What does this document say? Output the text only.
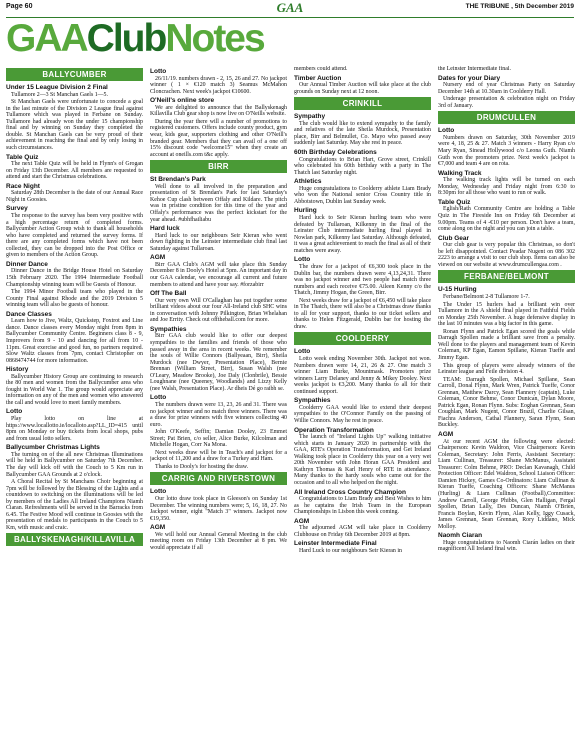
Page 60	GAA	THE TRIBUNE , 5th December 2019
GAAClubNotes
BALLYCUMBER
Under 15 League Division 2 Final

Tullamore 2—3 St Manchan Gaels 1—5.

St Manchan Gaels were unfortunate to concede a goal in the last minute of the Division 2 League final against Tullamore which was played in Ferbane on Sunday. Tullamore had already won the under 15 championship final and by winning on Sunday they completed the double. St Manchan Gaels can be very proud of their achievement in reaching the final and by only losing in such circumstances.

Table Quiz

The next Table Quiz will be held in Flynn's of Grogan on Friday 13th December. All members are requested to attend and start the Christmas celebrations.

Race Night

Saturday 28th December is the date of our Annual Race Night in Goosies.

Survey

The response to the survey has been very positive with a high percentage return of completed forms. Ballycumber Action Group wish to thank all households who have completed and returned the survey forms. If there are any completed forms which have not been collected, they can be dropped into the Post Office or given to members of the Action Group.

Dinner Dance

Dinner Dance in the Bridge House Hotel on Saturday 15th February 2020. The 1994 Intermediate Football Championship winning team will be Guests of Honour.

The 1994 Minor Football team who played in the County Final against Rhode and the 2019 Division 5 winning team will also be guests of honour.

Dance Classes

Learn how to Jive, Waltz, Quickstep, Foxtrot and Line dance. Dance classes every Monday night from 8pm in Ballycumber Community Centre. Beginners class 8 - 9, Improvers from 9 - 10 and dancing for all from 10 - 11pm. Great exercise and good fun, no partners required. Slow Waltz classes from 7pm, contact Christopher on 0868474744 for more information.

History

Ballycumber History Group are continuing to research the 80 men and women from the Ballycumber area who fought in World War 1. The group would appreciate any information on any of the men and women who answered the call and would love to meet family members.

Lotto

Play lotto on line at https://www.locallotto.ie/localloto.asp?LL_ID=415 until 8pm on Monday or buy tickets from local shops, pubs and from usual lotto sellers.

Ballycumber Christmas Lights

The turning on of the all new Christmas Illuminations will be held in Ballycumber on Saturday 7th December. The day will kick off with the Couch to 5 Km run in Ballycumber GAA Grounds at 2 o'clock.

A Choral Recital by St Manchans Choir beginning at 7pm will be followed by the Blessing of the Lights and a countdown to switching on the illuminations will be led by members of the Ladies All Ireland Champions Niamh Ciaran. Refreshments will be served in the Barracks from 6.45. The Festive Mood will continue in Goosies with the presentation of medals to participants in the Couch to 5 Km, with music and craic.

BALLYSKENAGH/KILLAVILLA
Lotto

26/11/19. numbers drawn - 2, 15, 26 and 27. No jackpot winner ( 1 × €120 match 3) Seamus McMahon Cloncrachen. Next week's jackpot €10600.

O'Neill's online store

We are delighted to announce that the Ballyskenagh Killavilla Club gear shop is now live on O'Neills website.

During the year there will a number of promotions to registered customers. Offers include county product, gym wear, kids gear, supporters clothing and other O'Neill's branded gear. Members that they can avail of a one off 15% discount code "welcome15" when they create an account at oneills.com t&c apply.

BIRR
St Brendan's Park

Well done to all involved in the preparation and presentation of St Brendan's Park for last Saturday's Kehoe Cup clash between Offaly and Kildare. The pitch was in pristine condition for this time of the year and Offaly's performance was the perfect kickstart for the year ahead. #ubhfhailiabu

Hard luck

Hard luck to our neighbours Seir Kieran who went down fighting in the Leinster intermediate club final last Saturday against Tullaroan.

AGM

Birr GAA Club's AGM will take place this Sunday December 8 in Dooly's Hotel at 5pm. An important day in our GAA calendar, we encourage all current and future members to attend and have your say. #forzabirr

Off The Ball

Our very own Will O'Callaghan has put together some brilliant videos about our four All-Ireland club SHC wins in conversation with Johnny Pilkington, Brian Whelahan and Joe Errity. Check out offtheball.com for more.

Sympathies

Birr GAA club would like to offer our deepest sympathies to the families and friends of those who passed away in the area in recent weeks. We remember the souls of Willie Connors (Ballyeaan, Birr), Sheila Murdock (nee Dwyer, Presentation Place), Bernie Brennan (William Street, Birr), Susan Walsh (nee O'Leary, Meadow Brooke), Joe Daly (Clonbrile), Bessie Loughnane (nee Queeney, Woodlands) and Lizzy Kelly (nee Walsh, Presentation Place). Ar dheis Dé go raibh se.

Lotto

The numbers drawn were 13, 23, 26 and 31. There was no jackpot winner and no match three winners. There was a draw for prize winners with five winners collecting 40 euro.

John O'Keefe, Seffin; Damian Dooley, 23 Emmet Street; Pat Brien, c/o seller, Alice Burke, Kilcolman and Michelle Hogan, Corr Na Mona.

Next weeks draw will be in Teach's and jackpot for a jackpot of 11,200 and a draw for a Turkey and Ham.

Thanks to Dooly's for hosting the draw.

CARRIG AND RIVERSTOWN
Lotto

Our lotto draw took place in Gleeson's on Sunday 1st December. The winning numbers were; 5, 16, 18, 27. No Jackpot winner, eight "Match 3" winners. Jackpot now €19,350.

AGM

We will hold our Annual General Meeting in the club meeting room on Friday 13th December at 8 pm. We would appreciate if all

members could attend.

Timber Auction

Our Annual Timber Auction will take place at the club grounds on Sunday next at 12 noon.

CRINKILL
Sympathy

The club would like to extend sympathy to the family and relatives of the late Sheila Murdock, Presentation place, Birr and Belmullet, Co. Mayo who passed away suddenly last Saturday. May she rest in peace.

60th Birthday Celebrations

Congratulations to Brian Hart, Grove street, Crinkill who celebrated his 60th birthday with a party in The Thatch last Saturday night.

Athletics

Huge congratulations to Coolderry athlete Liam Brady who won the National senior Cross Country title in Abbotstown, Dublin last Sunday week.

Hurling

Hard luck to Seir Kieran hurling team who were defeated by Tullaroan, Kilkenny in the final of the Leinster Club intermediate hurling final played in Nowlan park, Kilkenny last Saturday. Although defeated, it was a great achievement to reach the final as all of their matches were away.

Lotto

The draw for a jackpot of €6,300 took place in the Dublin bar, the numbers drawn were 4,13,24,31. There was no jackpot winner and two people had match three numbers and each receive €75.00. Aileen Kenny c/o the Thatch, Jimmy Hogan, the Green, Birr.

Next weeks draw for a jackpot of €6,450 will take place in The Thatch, there will also be a Christmas draw thanks to all for your support, thanks to our ticket sellers and thanks to Helen Fitzgerald, Dublin bar for hosting the draw.

COOLDERRY
Lotto

Lotto week ending November 30th. Jackpot not won. Numbers drawn were 14, 21, 26 & 27. One match 3 winner Liam Burke, Mountmask. Promoters prize winners Larry Delaney and Jenny & Mikey Dooley. Next weeks jackpot is €3,200. Many thanks to all for their continued support.

Sympathies

Coolderry GAA would like to extend their deepest sympathies to the O'Connor Family on the passing of Willie Connors. May he rest in peace.

Operation Transformation

The launch of "Ireland Lights Up" walking initiative which starts in January 2020 in partnership with the GAA, RTE's Operation Transformation, and Get Ireland Walking took place in Coolderry this year on a very wet 20th November with John Horan GAA President and Kathryn Thomas & Karl Henry of RTE in attendance. Many thanks to the hardy souls who came out for the occasion and to all who helped on the night.

All Ireland Cross Country Champion

Congratulations to Liam Brady and Best Wishes to him as he captains the Irish Team in the European Championships in Lisbon this week coming.

AGM

The adjourned AGM will take place in Coolderry Clubhouse on Friday 6th December 2019 at 8pm.

Leinster Intermediate Final

Hard Luck to our neighbours Seir Kieran in

the Leinster Intermediate final.

Dates for your Diary

Nursery end of year Christmas Party on Saturday December 14th at 10.30am in Coolderry Hall.

Underage presentation & celebration night on Friday 3rd of January.

DRUMCULLEN
Lotto

Numbers drawn on Saturday, 30th November 2019 were 4, 18, 25 & 27. Match 3 winners - Harry Ryan c/o Mary Ryan, Sinead Hollywood c/o Leona Guth. Niamh Guth won the promoters prize. Next week's jackpot is €7,000 and team 4 are on rota.

Walking Track

The walking track lights will be turned on each Monday, Wednesday and Friday night from 6:30 to 8:30pm for all those who want to run or walk.

Table Quiz

Eglish/Rath Community Centre are holding a Table Quiz in The Fireside Inn on Friday 6th December at 9.00pm. Teams of 4 -€10 per person. Don't have a team, come along on the night and you can join a table.

Club Gear

Our club gear is very popular this Christmas, so don't be left disappointed. Contact Peadar Nugent on 086 302 2223 to arrange a visit to our club shop. Items can also be viewed on our website at www.drumcullengaa.com .

FERBANE/BELMONT
U-15 Hurling

Ferbane/Belmont 2-8 Tullamore 1-7.

The Under 15 hurlers had a brilliant win over Tullamore in the A shield final played in Faithful Fields on Monday 25th November. A huge defensive display in the last 10 minutes was a big factor in this game.

Ronan Flynn and Patrick Egan scored the goals while Darragh Spollen made a brilliant save from a penalty. Well done to the players and management team of Kevin Coleman, KP Egan, Eamon Spillane, Kieran Tueffe and Jimmy Egan.

This group of players were already winners of the Leinster league and Feile division 4.

TEAM: Darragh Spollen, Michael Spillane, Sean Carroll, Donal Flynn, Mark Wren, Patrick Tueffe, Conor Grennan, Matthew Darcy, Sean Flannery (captain), Luke Coleman, Conor Behme, Conor Dunican, Dylan Moore, Patrick Egan, Ronan Flynn. Subs: Eoghan Grennan, Sean Coughlan, Mark Nugent, Conor Brazil, Charlie Gilsan, Fiachra Anderson, Cathal Flannery, Saran Flynn, Sean Buckley.

AGM

At our recent AGM the following were elected: Chairperson: Kevin Waldron, Vice Chairperson: Kevin Coleman, Secretary: John Ferris, Assistant Secretary: Liam Cullinan, Treasurer: Shane McManus, Assistant Treasurer: Colm Behme, PRO: Declan Kavanagh, Child Protection Officer: Edel Waldron, School Liaison Officer: Damien Hickey, Games Co-Ordinators: Liam Cullinan & Kieran Tueffe, Coaching Officers: Shane McManus (Hurling) & Liam Cullinan (Football),Committee: Andrew Carroll, George Phibbs, Glen Halligan, Fergal Spollen, Brian Lally, Des Duncan, Niamh O'Brien, Francis Boylan, Kevin Flynn, Alan Kelly, Iggy Cusack, James Grennan, Sean Grennan, Rory Liddano, Mick Molloy.

Naomh Ciaran

Huge congratulations to Naomh Ciarán ladies on their magnificent All Ireland final win.
